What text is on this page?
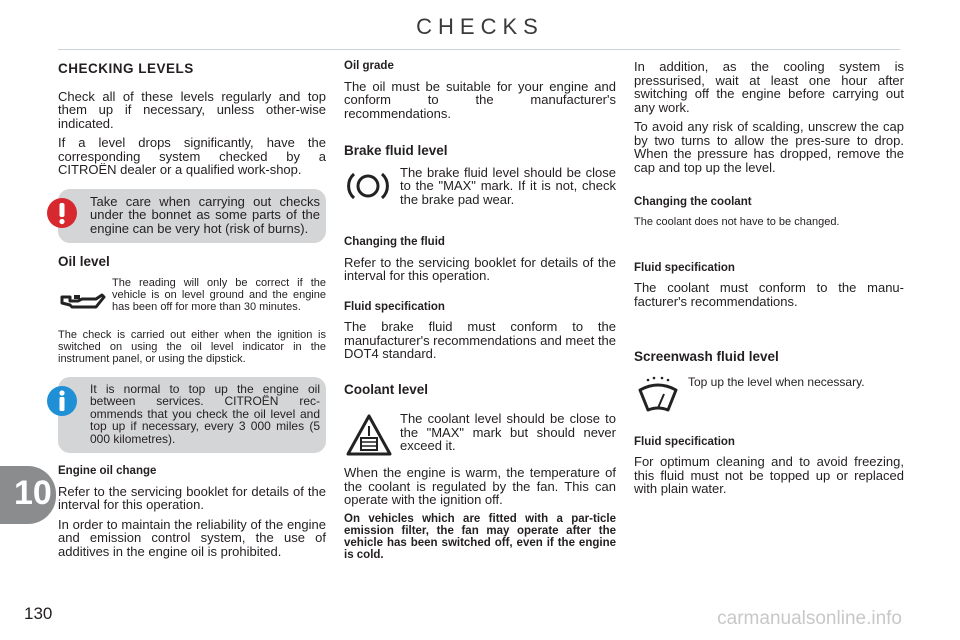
CHECKS
CHECKING LEVELS

Check all of these levels regularly and top them up if necessary, unless other-wise indicated.

If a level drops significantly, have the corresponding system checked by a CITROËN dealer or a qualified work-shop.

Take care when carrying out checks under the bonnet as some parts of the engine can be very hot (risk of burns).

Oil level

The reading will only be correct if the vehicle is on level ground and the engine has been off for more than 30 minutes.

The check is carried out either when the ignition is switched on using the oil level indicator in the instrument panel, or using the dipstick.

It is normal to top up the engine oil between services. CITROËN rec-ommends that you check the oil level and top up if necessary, every 3 000 miles (5 000 kilometres).

Engine oil change

Refer to the servicing booklet for details of the interval for this operation.

In order to maintain the reliability of the engine and emission control system, the use of additives in the engine oil is prohibited.

Oil grade

The oil must be suitable for your engine and conform to the manufacturer's recommendations.

Brake fluid level

The brake fluid level should be close to the "MAX" mark. If it is not, check the brake pad wear.

Changing the fluid

Refer to the servicing booklet for details of the interval for this operation.

Fluid specification

The brake fluid must conform to the manufacturer's recommendations and meet the DOT4 standard.

Coolant level

The coolant level should be close to the "MAX" mark but should never exceed it.

When the engine is warm, the temperature of the coolant is regulated by the fan. This can operate with the ignition off.

On vehicles which are fitted with a par-ticle emission filter, the fan may operate after the vehicle has been switched off, even if the engine is cold.

In addition, as the cooling system is pressurised, wait at least one hour after switching off the engine before carrying out any work.

To avoid any risk of scalding, unscrew the cap by two turns to allow the pres-sure to drop. When the pressure has dropped, remove the cap and top up the level.

Changing the coolant

The coolant does not have to be changed.

Fluid specification

The coolant must conform to the manu-facturer's recommendations.

Screenwash fluid level

Top up the level when necessary.

Fluid specification

For optimum cleaning and to avoid freezing, this fluid must not be topped up or replaced with plain water.

10
130	carmanualsonline.info
